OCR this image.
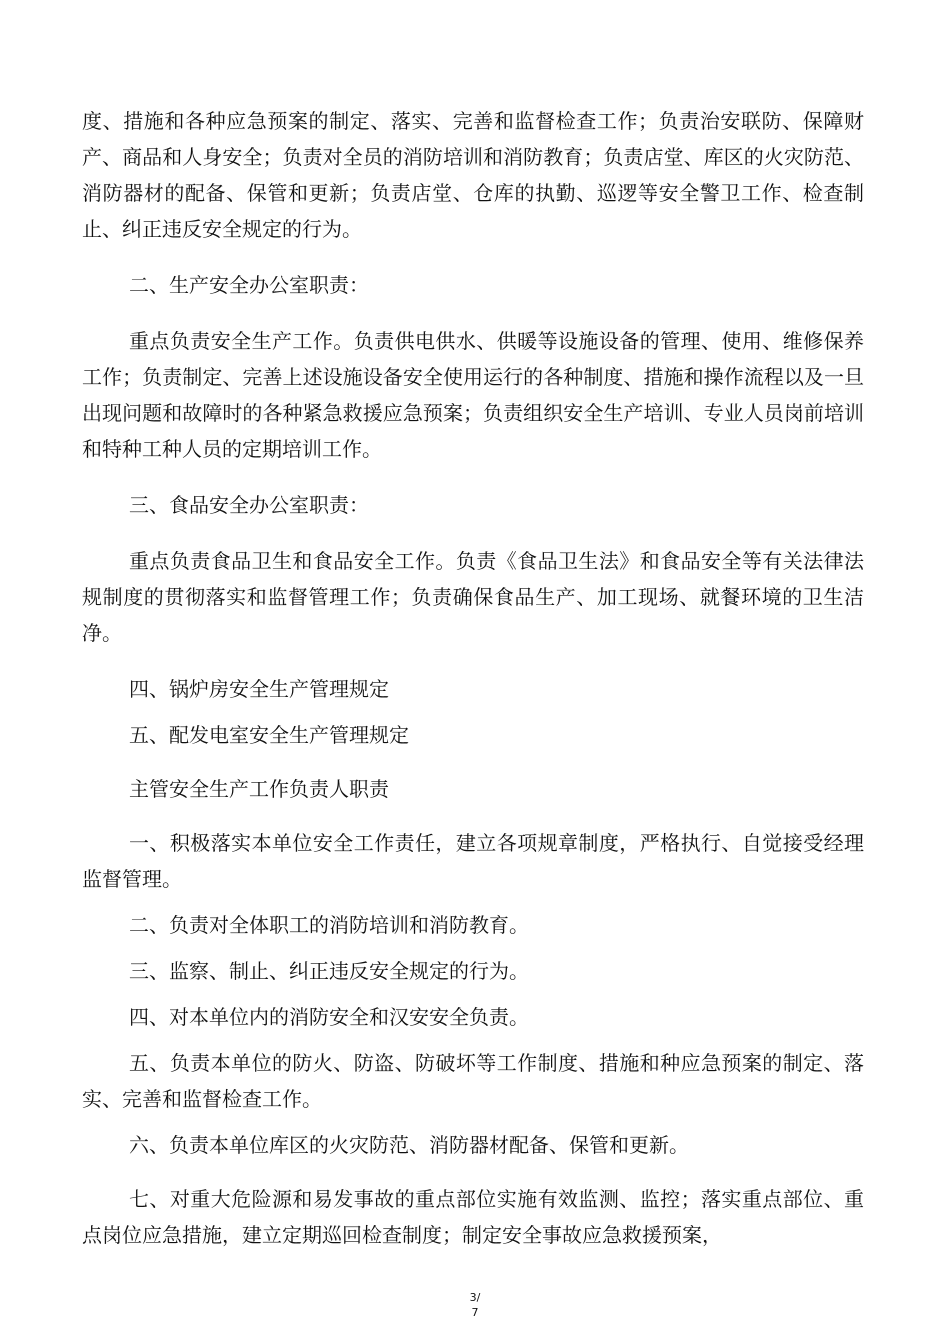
度、措施和各种应急预案的制定、落实、完善和监督检查工作；负责治安联防、保障财产、商品和人身安全；负责对全员的消防培训和消防教育；负责店堂、库区的火灾防范、消防器材的配备、保管和更新；负责店堂、仓库的执勤、巡逻等安全警卫工作、检查制止、纠正违反安全规定的行为。

二、生产安全办公室职责：

重点负责安全生产工作。负责供电供水、供暖等设施设备的管理、使用、维修保养工作；负责制定、完善上述设施设备安全使用运行的各种制度、措施和操作流程以及一旦出现问题和故障时的各种紧急救援应急预案；负责组织安全生产培训、专业人员岗前培训和特种工种人员的定期培训工作。

三、食品安全办公室职责：

重点负责食品卫生和食品安全工作。负责《食品卫生法》和食品安全等有关法律法规制度的贯彻落实和监督管理工作；负责确保食品生产、加工现场、就餐环境的卫生洁净。

四、锅炉房安全生产管理规定

五、配发电室安全生产管理规定

主管安全生产工作负责人职责

一、积极落实本单位安全工作责任，建立各项规章制度，严格执行、自觉接受经理监督管理。

二、负责对全体职工的消防培训和消防教育。

三、监察、制止、纠正违反安全规定的行为。

四、对本单位内的消防安全和汉安安全负责。

五、负责本单位的防火、防盗、防破坏等工作制度、措施和种应急预案的制定、落实、完善和监督检查工作。

六、负责本单位库区的火灾防范、消防器材配备、保管和更新。

七、对重大危险源和易发事故的重点部位实施有效监测、监控；落实重点部位、重点岗位应急措施，建立定期巡回检查制度；制定安全事故应急救援预案，

3/
7
